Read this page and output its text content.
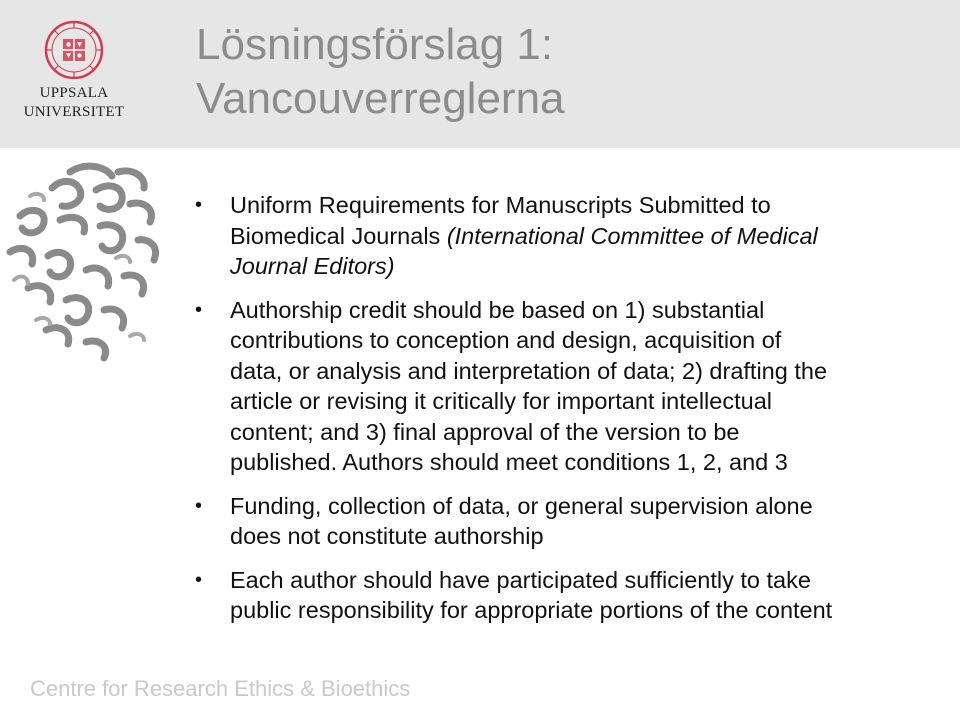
UPPSALA
UNIVERSITET
Lösningsförslag 1:
Vancouverreglerna
• Uniform Requirements for Manuscripts Submitted to
Biomedical Journals (International Committee of Medical
Journal Editors)
• Authorship credit should be based on 1) substantial
contributions to conception and design, acquisition of
data, or analysis and interpretation of data; 2) drafting the
article or revising it critically for important intellectual
content; and 3) final approval of the version to be
published. Authors should meet conditions 1, 2, and 3
• Funding, collection of data, or general supervision alone
does not constitute authorship
• Each author should have participated sufficiently to take
public responsibility for appropriate portions of the content
Centre for Research Ethics & Bioethics
